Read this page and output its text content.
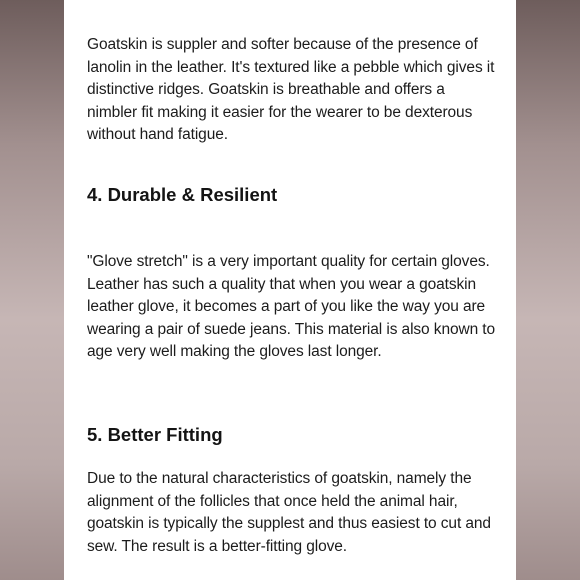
Goatskin is suppler and softer because of the presence of lanolin in the leather. It's textured like a pebble which gives it distinctive ridges. Goatskin is breathable and offers a nimbler fit making it easier for the wearer to be dexterous without hand fatigue.

4. Durable & Resilient

"Glove stretch" is a very important quality for certain gloves. Leather has such a quality that when you wear a goatskin leather glove, it becomes a part of you like the way you are wearing a pair of suede jeans. This material is also known to age very well making the gloves last longer.

5. Better Fitting

Due to the natural characteristics of goatskin, namely the alignment of the follicles that once held the animal hair, goatskin is typically the supplest and thus easiest to cut and sew. The result is a better-fitting glove.
